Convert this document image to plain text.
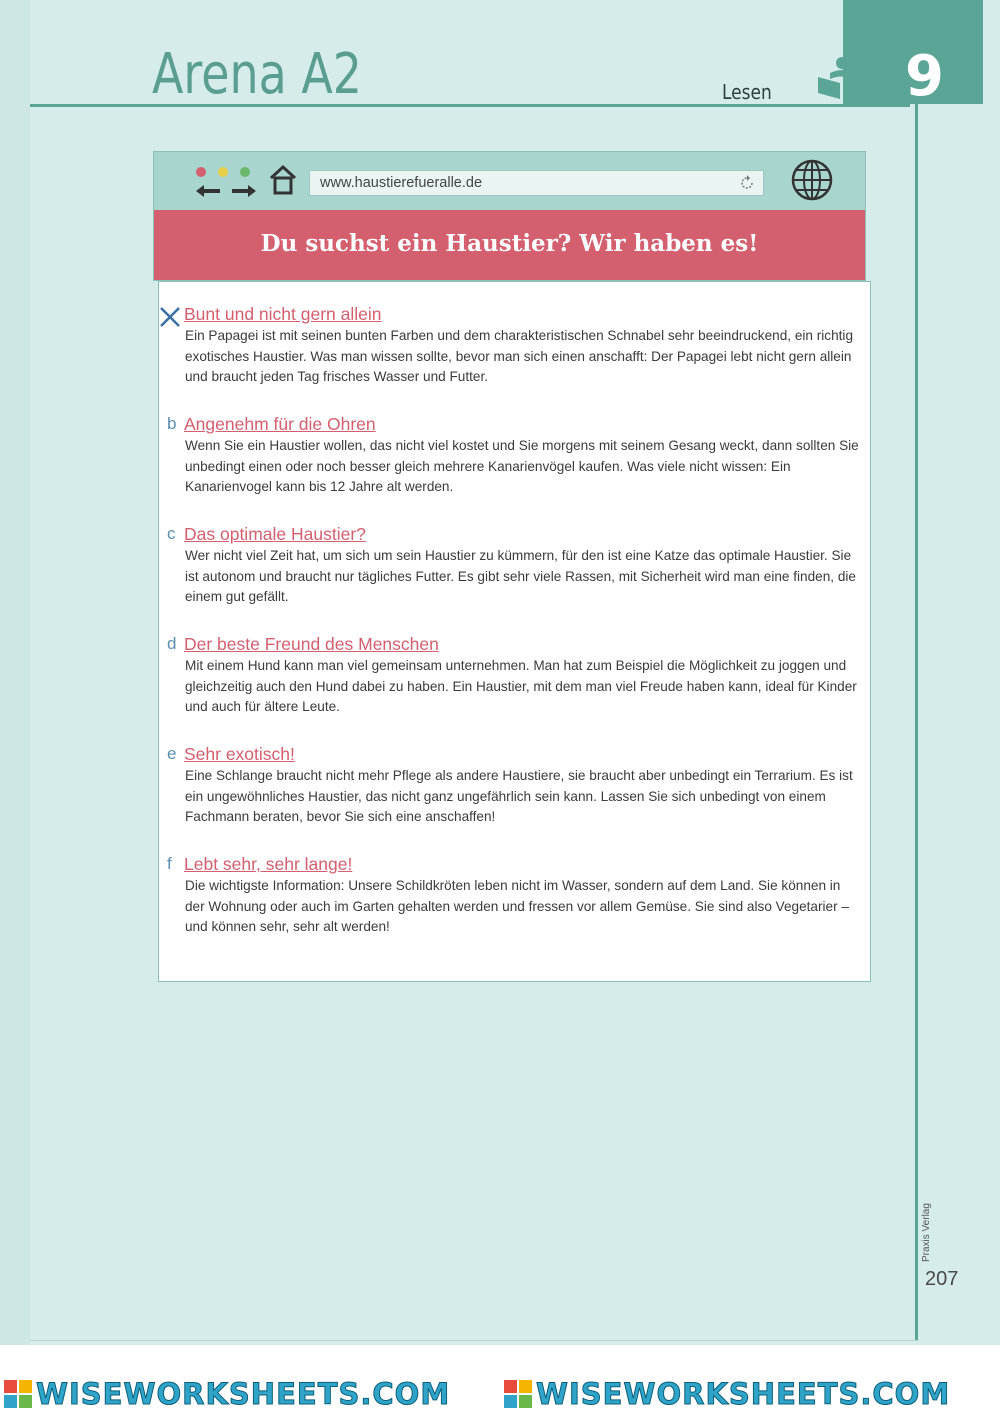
Arena A2	Lesen 9
www.haustierefueralle.de
Du suchst ein Haustier? Wir haben es!
Bunt und nicht gern allein

Ein Papagei ist mit seinen bunten Farben und dem charakteristischen Schnabel sehr beeindruckend, ein richtig exotisches Haustier. Was man wissen sollte, bevor man sich einen anschafft: Der Papagei lebt nicht gern allein und braucht jeden Tag frisches Wasser und Futter.

b Angenehm für die Ohren

Wenn Sie ein Haustier wollen, das nicht viel kostet und Sie morgens mit seinem Gesang weckt, dann sollten Sie unbedingt einen oder noch besser gleich mehrere Kanarienvögel kaufen. Was viele nicht wissen: Ein Kanarienvogel kann bis 12 Jahre alt werden.

c Das optimale Haustier?

Wer nicht viel Zeit hat, um sich um sein Haustier zu kümmern, für den ist eine Katze das optimale Haustier. Sie ist autonom und braucht nur tägliches Futter. Es gibt sehr viele Rassen, mit Sicherheit wird man eine finden, die einem gut gefällt.

d Der beste Freund des Menschen

Mit einem Hund kann man viel gemeinsam unternehmen. Man hat zum Beispiel die Möglichkeit zu joggen und gleichzeitig auch den Hund dabei zu haben. Ein Haustier, mit dem man viel Freude haben kann, ideal für Kinder und auch für ältere Leute.

e Sehr exotisch!

Eine Schlange braucht nicht mehr Pflege als andere Haustiere, sie braucht aber unbedingt ein Terrarium. Es ist ein ungewöhnliches Haustier, das nicht ganz ungefährlich sein kann. Lassen Sie sich unbedingt von einem Fachmann beraten, bevor Sie sich eine anschaffen!

f Lebt sehr, sehr lange!

Die wichtigste Information: Unsere Schildkröten leben nicht im Wasser, sondern auf dem Land. Sie können in der Wohnung oder auch im Garten gehalten werden und fressen vor allem Gemüse. Sie sind also Vegetarier – und können sehr, sehr alt werden!

Praxis Verlag
207
WISEWORKSHEETS.COM	WISEWORKSHEETS.COM
